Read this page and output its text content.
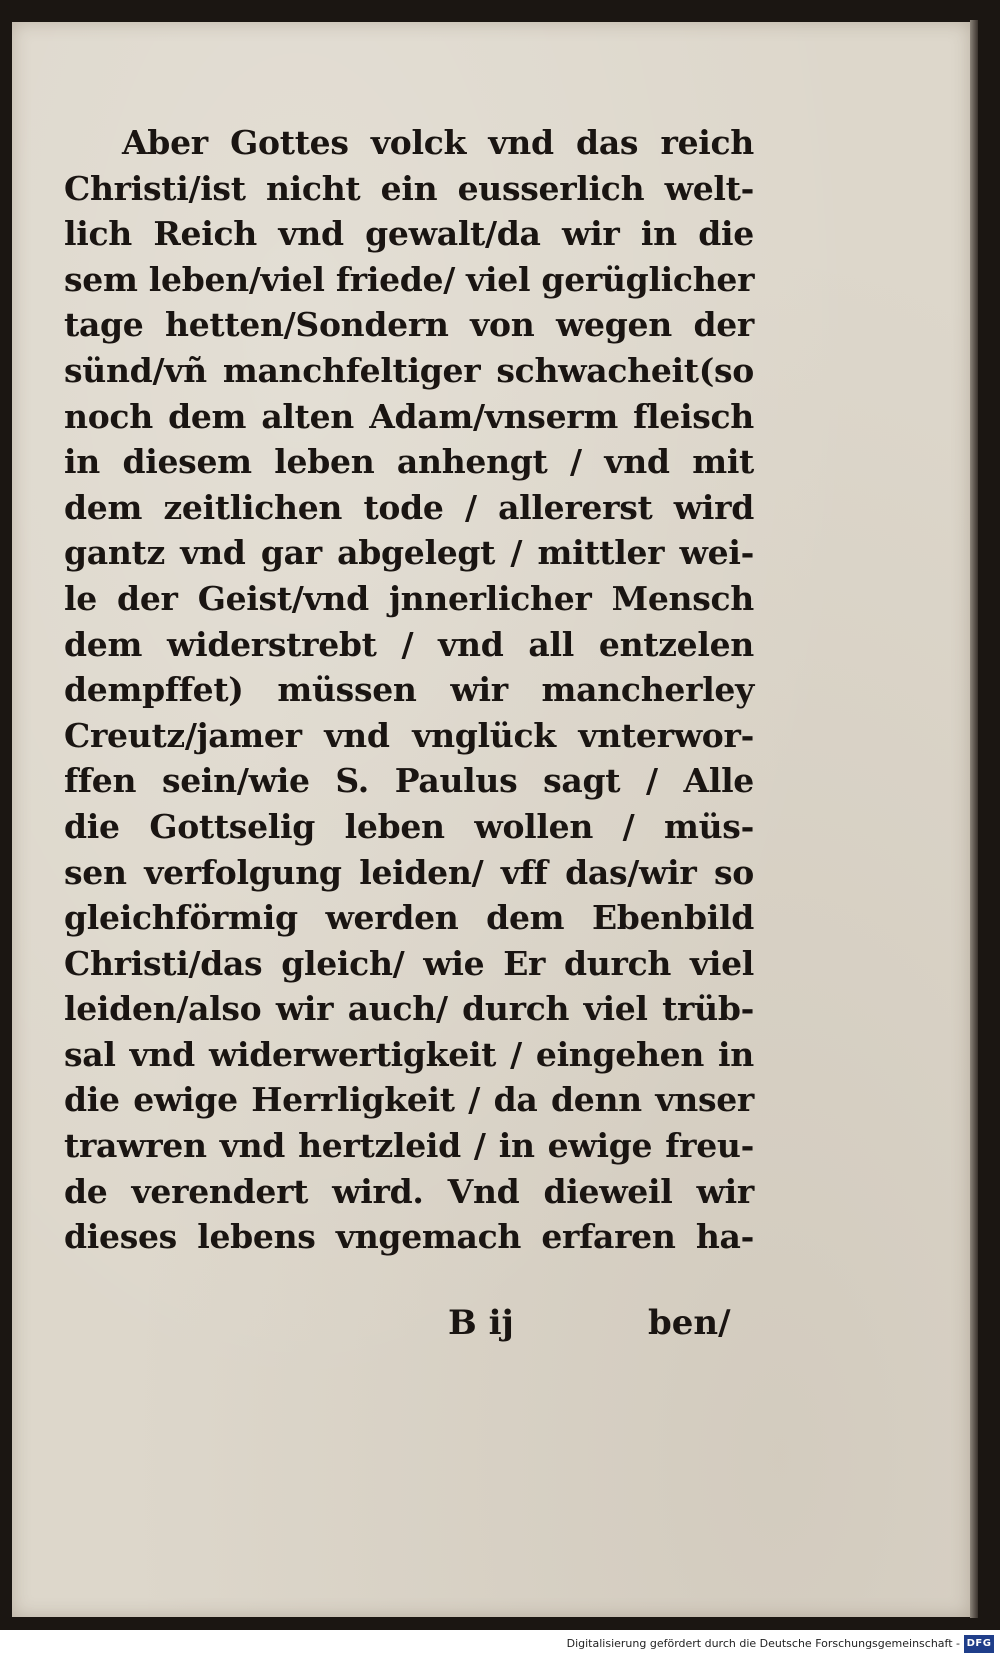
Aber Gottes volck vnd das reich
Christi/ist nicht ein eusserlich welt-
lich Reich vnd gewalt/da wir in die
sem leben/viel friede/ viel gerüglicher
tage hetten/Sondern von wegen der
sünd/vñ manchfeltiger schwacheit(so
noch dem alten Adam/vnserm fleisch
in diesem leben anhengt / vnd mit
dem zeitlichen tode / allererst wird
gantz vnd gar abgelegt / mittler wei-
le der Geist/vnd jnnerlicher Mensch
dem widerstrebt / vnd all entzelen
dempffet) müssen wir mancherley
Creutz/jamer vnd vnglück vnterwor-
ffen sein/wie S. Paulus sagt / Alle
die Gottselig leben wollen / müs-
sen verfolgung leiden/ vff das/wir so
gleichförmig werden dem Ebenbild
Christi/das gleich/ wie Er durch viel
leiden/also wir auch/ durch viel trüb-
sal vnd widerwertigkeit / eingehen in
die ewige Herrligkeit / da denn vnser
trawren vnd hertzleid / in ewige freu-
de verendert wird. Vnd dieweil wir
dieses lebens vngemach erfaren ha-
B ij	ben/
Digitalisierung gefördert durch die Deutsche Forschungsgemeinschaft - DFG
